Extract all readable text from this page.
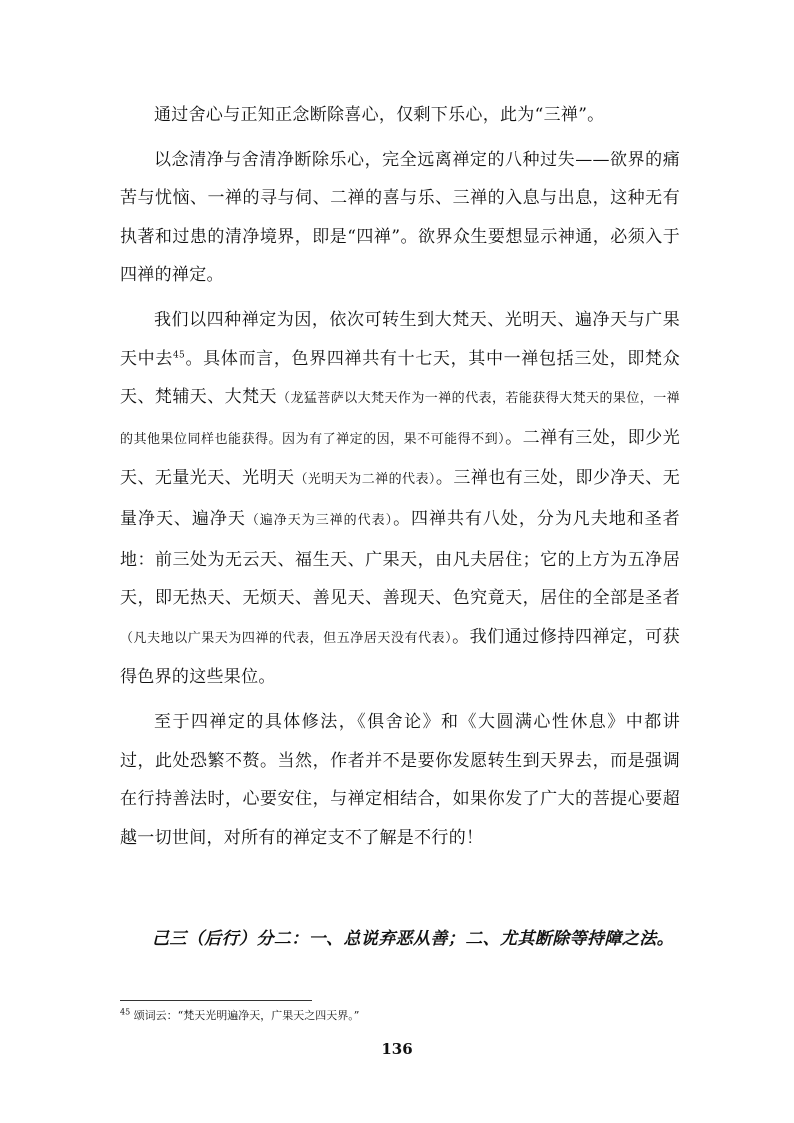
通过舍心与正知正念断除喜心，仅剩下乐心，此为“三禅”。

以念清净与舍清净断除乐心，完全远离禅定的八种过失——欲界的痛苦与忧恼、一禅的寻与伺、二禅的喜与乐、三禅的入息与出息，这种无有执著和过患的清净境界，即是“四禅”。欲界众生要想显示神通，必须入于四禅的禅定。

我们以四种禅定为因，依次可转生到大梵天、光明天、遍净天与广果天中去$^{45}$。具体而言，色界四禅共有十七天，其中一禅包括三处，即梵众天、梵辅天、大梵天（龙猛菩萨以大梵天作为一禅的代表，若能获得大梵天的果位，一禅的其他果位同样也能获得。因为有了禅定的因，果不可能得不到）。二禅有三处，即少光天、无量光天、光明天（光明天为二禅的代表）。三禅也有三处，即少净天、无量净天、遍净天（遍净天为三禅的代表）。四禅共有八处，分为凡夫地和圣者地：前三处为无云天、福生天、广果天，由凡夫居住；它的上方为五净居天，即无热天、无烦天、善见天、善现天、色究竟天，居住的全部是圣者（凡夫地以广果天为四禅的代表，但五净居天没有代表）。我们通过修持四禅定，可获得色界的这些果位。

至于四禅定的具体修法，《俱舍论》和《大圆满心性休息》中都讲过，此处恐繁不赘。当然，作者并不是要你发愿转生到天界去，而是强调在行持善法时，心要安住，与禅定相结合，如果你发了广大的菩提心要超越一切世间，对所有的禅定支不了解是不行的！

己三（后行）分二：一、总说弃恶从善；二、尤其断除等持障之法。
$^{45}$ 颂词云：“梵天光明遍净天，广果天之四天界。”
136
